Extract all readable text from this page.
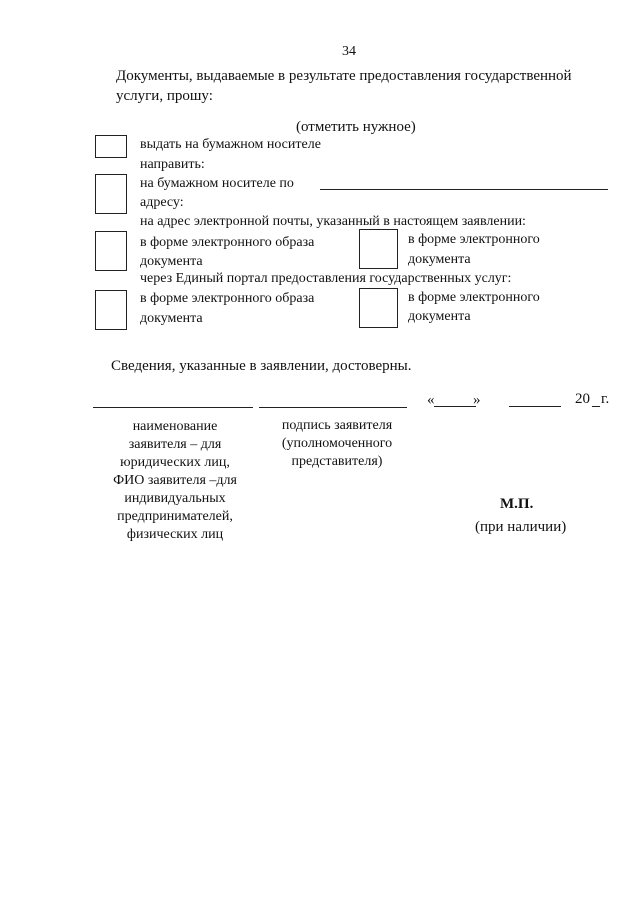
34
Документы, выдаваемые в результате предоставления государственной
услуги, прошу:
(отметить нужное)
выдать на бумажном носителе
направить:
на бумажном носителе по
адресу:
на адрес электронной почты, указанный в настоящем заявлении:
в форме электронного образа
документа
в форме электронного
документа
через Единый портал предоставления государственных услуг:
в форме электронного образа
документа
в форме электронного
документа
Сведения, указанные в заявлении, достоверны.
«	»	20 г.
наименование
заявителя – для
юридических лиц,
ФИО заявителя –для
индивидуальных
предпринимателей,
физических лиц
подпись заявителя
(уполномоченного
представителя)
М.П.
(при наличии)
